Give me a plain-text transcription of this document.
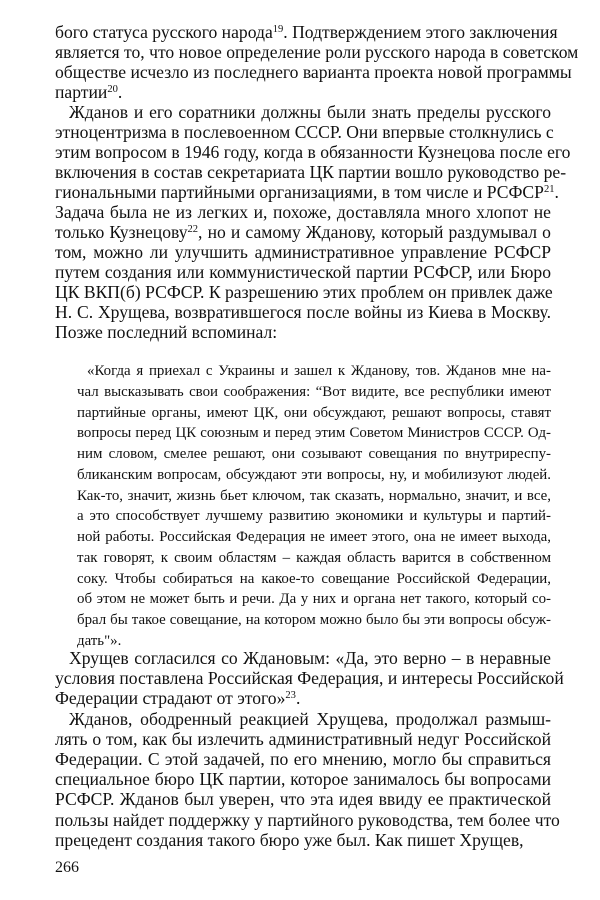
бого статуса русского народа$^{19}$. Подтверждением этого заключения
является то, что новое определение роли русского народа в советском
обществе исчезло из последнего варианта проекта новой программы
партии$^{20}$.
Жданов и его соратники должны были знать пределы русского
этноцентризма в послевоенном СССР. Они впервые столкнулись с
этим вопросом в 1946 году, когда в обязанности Кузнецова после его
включения в состав секретариата ЦК партии вошло руководство ре-
гиональными партийными организациями, в том числе и РСФСР$^{21}$.
Задача была не из легких и, похоже, доставляла много хлопот не
только Кузнецову$^{22}$, но и самому Жданову, который раздумывал о
том, можно ли улучшить административное управление РСФСР
путем создания или коммунистической партии РСФСР, или Бюро
ЦК ВКП(б) РСФСР. К разрешению этих проблем он привлек даже
Н. С. Хрущева, возвратившегося после войны из Киева в Москву.
Позже последний вспоминал:
«Когда я приехал с Украины и зашел к Жданову, тов. Жданов мне на-
чал высказывать свои соображения: “Вот видите, все республики имеют
партийные органы, имеют ЦК, они обсуждают, решают вопросы, ставят
вопросы перед ЦК союзным и перед этим Советом Министров СССР. Од-
ним словом, смелее решают, они созывают совещания по внутриреспу-
бликанским вопросам, обсуждают эти вопросы, ну, и мобилизуют людей.
Как-то, значит, жизнь бьет ключом, так сказать, нормально, значит, и все,
а это способствует лучшему развитию экономики и культуры и партий-
ной работы. Российская Федерация не имеет этого, она не имеет выхода,
так говорят, к своим областям – каждая область варится в собственном
соку. Чтобы собираться на какое-то совещание Российской Федерации,
об этом не может быть и речи. Да у них и органа нет такого, который со-
брал бы такое совещание, на котором можно было бы эти вопросы обсуж-
дать"».
Хрущев согласился со Ждановым: «Да, это верно – в неравные
условия поставлена Российская Федерация, и интересы Российской
Федерации страдают от этого»$^{23}$.
Жданов, ободренный реакцией Хрущева, продолжал размыш-
лять о том, как бы излечить административный недуг Российской
Федерации. С этой задачей, по его мнению, могло бы справиться
специальное бюро ЦК партии, которое занималось бы вопросами
РСФСР. Жданов был уверен, что эта идея ввиду ее практической
пользы найдет поддержку у партийного руководства, тем более что
прецедент создания такого бюро уже был. Как пишет Хрущев,
266
